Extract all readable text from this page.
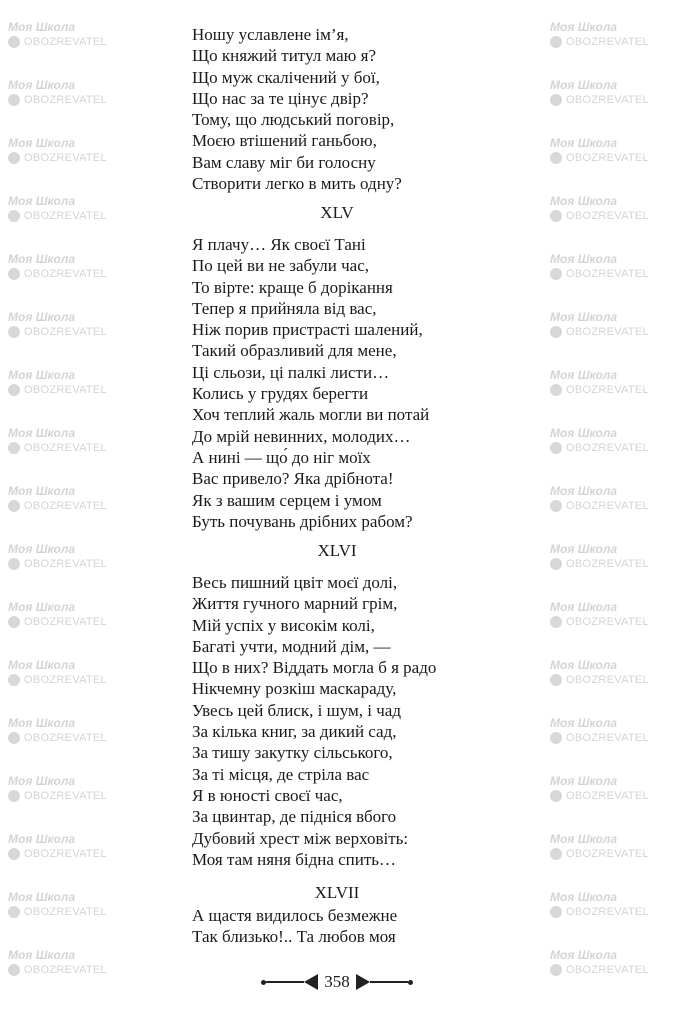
Моя Школа
OBOZREVATEL
Моя Школа
OBOZREVATEL
Моя Школа
OBOZREVATEL
Моя Школа
OBOZREVATEL
Моя Школа
OBOZREVATEL
Моя Школа
OBOZREVATEL
Моя Школа
OBOZREVATEL
Моя Школа
OBOZREVATEL
Моя Школа
OBOZREVATEL
Моя Школа
OBOZREVATEL
Моя Школа
OBOZREVATEL
Моя Школа
OBOZREVATEL
Моя Школа
OBOZREVATEL
Моя Школа
OBOZREVATEL
Моя Школа
OBOZREVATEL
Моя Школа
OBOZREVATEL
Моя Школа
OBOZREVATEL
Моя Школа
OBOZREVATEL
Моя Школа
OBOZREVATEL
Моя Школа
OBOZREVATEL
Моя Школа
OBOZREVATEL
Моя Школа
OBOZREVATEL
Моя Школа
OBOZREVATEL
Моя Школа
OBOZREVATEL
Моя Школа
OBOZREVATEL
Моя Школа
OBOZREVATEL
Моя Школа
OBOZREVATEL
Моя Школа
OBOZREVATEL
Моя Школа
OBOZREVATEL
Моя Школа
OBOZREVATEL
Моя Школа
OBOZREVATEL
Моя Школа
OBOZREVATEL
Моя Школа
OBOZREVATEL
Моя Школа
OBOZREVATEL
Ношу уславлене ім’я,
Що княжий титул маю я?
Що муж скалічений у бої,
Що нас за те цінує двір?
Тому, що людський поговір,
Моєю втішений ганьбою,
Вам славу міг би голосну
Створити легко в мить одну?
XLV
Я плачу… Як своєї Тані
По цей ви не забули час,
То вірте: краще б дорікання
Тепер я прийняла від вас,
Ніж порив пристрасті шалений,
Такий образливий для мене,
Ці сльози, ці палкі листи…
Колись у грудях берегти
Хоч теплий жаль могли ви потай
До мрій невинних, молодих…
А нині — що́ до ніг моїх
Вас привело? Яка дрібнота!
Як з вашим серцем і умом
Буть почувань дрібних рабом?
XLVI
Весь пишний цвіт моєї долі,
Життя гучного марний грім,
Мій успіх у високім колі,
Багаті учти, модний дім, —
Що в них? Віддать могла б я радо
Нікчемну розкіш маскараду,
Увесь цей блиск, і шум, і чад
За кілька книг, за дикий сад,
За тишу закутку сільського,
За ті місця, де стріла вас
Я в юності своєї час,
За цвинтар, де підніся вбого
Дубовий хрест між верховіть:
Моя там няня бідна спить…
XLVII
А щастя видилось безмежне
Так близько!.. Та любов моя
358
